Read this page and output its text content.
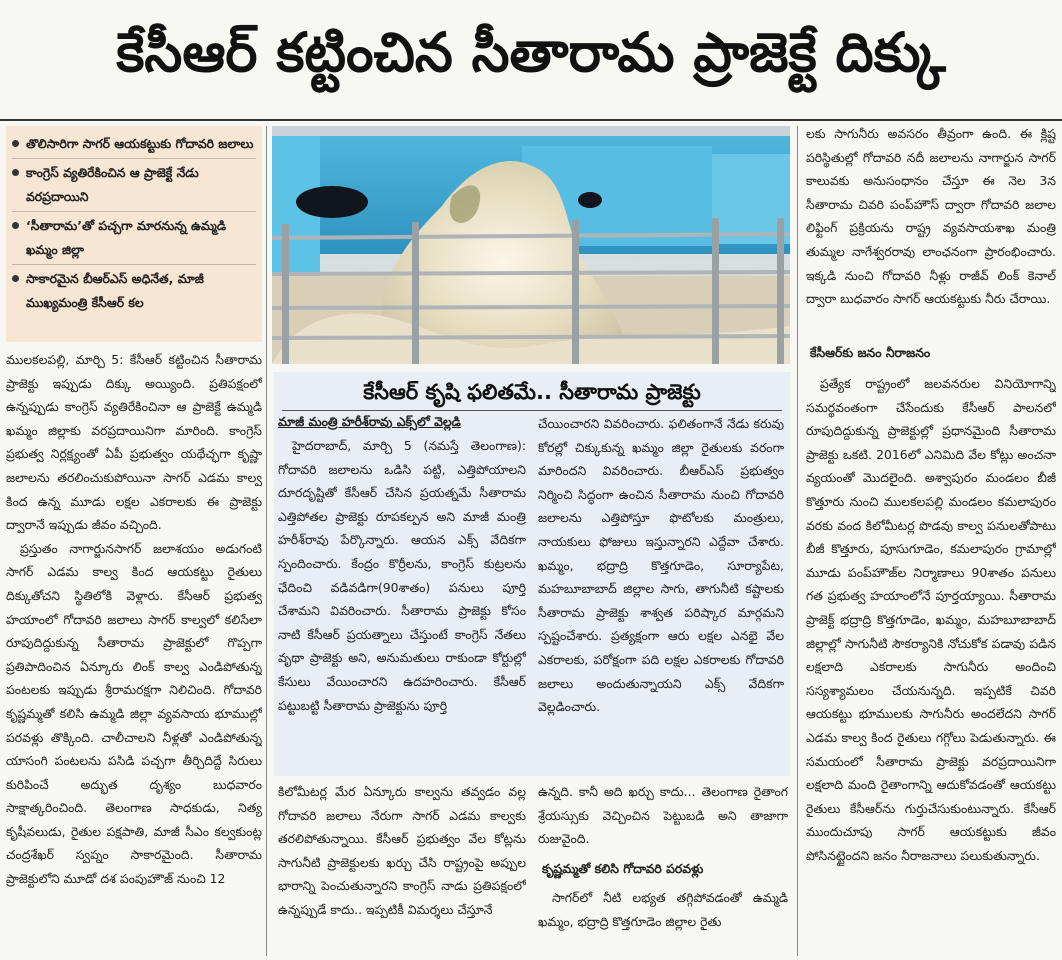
కేసీఆర్ కట్టించిన సీతారామ ప్రాజెక్టే దిక్కు
తొలిసారిగా సాగర్ ఆయకట్టుకు గోదావరి జలాలు
కాంగ్రెస్ వ్యతిరేకించిన ఆ ప్రాజెక్టే నేడు వరప్రదాయిని
‘సీతారామ’తో పచ్చగా మారనున్న ఉమ్మడి ఖమ్మం జిల్లా
సాకారమైన బీఆర్ఎస్ అధినేత, మాజీ ముఖ్యమంత్రి కేసీఆర్ కల

ములకలపల్లి, మార్చి 5: కేసీఆర్ కట్టించిన సీతారామ ప్రాజెక్టు ఇప్పుడు దిక్కు అయ్యింది. ప్రతిపక్షంలో ఉన్నప్పుడు కాంగ్రెస్ వ్యతిరేకించినా ఆ ప్రాజెక్టే ఉమ్మడి ఖమ్మం జిల్లాకు వరప్రదాయినిగా మారింది. కాంగ్రెస్ ప్రభుత్వ నిర్లక్ష్యంతో ఏపీ ప్రభుత్వం యథేచ్ఛగా కృష్ణా జలాలను తరలించుకుపోయినా సాగర్ ఎడమ కాల్వ కింద ఉన్న మూడు లక్షల ఎకరాలకు ఈ ప్రాజెక్టు ద్వారానే ఇప్పుడు జీవం వచ్చింది.

ప్రస్తుతం నాగార్జునసాగర్ జలాశయం అడుగంటి సాగర్ ఎడమ కాల్వ కింద ఆయకట్టు రైతులు దిక్కుతోచని స్థితిలోకి వెళ్లారు. కేసీఆర్ ప్రభుత్వ హయాంలో గోదావరి జలాలు సాగర్ కాల్వలో కలిసేలా రూపుదిద్దుకున్న సీతారామ ప్రాజెక్టులో గొప్పగా ప్రతిపాదించిన ఏన్కూరు లింక్ కాల్వ ఎండిపోతున్న పంటలకు ఇప్పుడు శ్రీరామరక్షగా నిలిచింది. గోదావరి కృష్ణమ్మతో కలిసి ఉమ్మడి జిల్లా వ్యవసాయ భూముల్లో పరవళ్లు తొక్కింది. చాలీచాలని నీళ్లతో ఎండిపోతున్న యాసంగి పంటలను పసిడి పచ్చగా తీర్చిదిద్దే సిరులు కురిపించే అద్భుత దృశ్యం బుధవారం సాక్షాత్కరించింది. తెలంగాణ సాధకుడు, నిత్య కృషీవలుడు, రైతుల పక్షపాతి, మాజీ సీఎం కల్వకుంట్ల చంద్రశేఖర్ స్వప్నం సాకారమైంది. సీతారామ ప్రాజెక్టులోని మూడో దశ పంపుహౌజ్ నుంచి 12

కేసీఆర్ కృషి ఫలితమే.. సీతారామ ప్రాజెక్టు
మాజీ మంత్రి హరీశ్‌రావు ఎక్స్‌లో వెల్లడి

హైదరాబాద్, మార్చి 5 (నమస్తే తెలంగాణ): గోదావరి జలాలను ఒడిసి పట్టి, ఎత్తిపోయాలని దూరదృష్టితో కేసీఆర్ చేసిన ప్రయత్నమే సీతారామ ఎత్తిపోతల ప్రాజెక్టు రూపకల్పన అని మాజీ మంత్రి హరీశ్‌రావు పేర్కొన్నారు. ఆయన ఎక్స్ వేదికగా స్పందించారు. కేంద్రం కొర్రీలను, కాంగ్రెస్ కుట్రలను ఛేదించి వడివడిగా(90శాతం) పనులు పూర్తి చేశామని వివరించారు. సీతారామ ప్రాజెక్టు కోసం నాటి కేసీఆర్ ప్రయత్నాలు చేస్తుంటే కాంగ్రెస్ నేతలు వృథా ప్రాజెక్టు అని, అనుమతులు రాకుండా కోర్టుల్లో కేసులు వేయించారని ఉదహరించారు. కేసీఆర్ పట్టుబట్టి సీతారామ ప్రాజెక్టును పూర్తి

చేయించారని వివరించారు. ఫలితంగానే నేడు కరువు కోరల్లో చిక్కుకున్న ఖమ్మం జిల్లా రైతులకు వరంగా మారిందని వివరించారు. బీఆర్ఎస్ ప్రభుత్వం నిర్మించి సిద్ధంగా ఉంచిన సీతారామ నుంచి గోదావరి జలాలను ఎత్తిపోస్తూ ఫొటోలకు మంత్రులు, నాయకులు ఫోజులు ఇస్తున్నారని ఎద్దేవా చేశారు. ఖమ్మం, భద్రాద్రి కొత్తగూడెం, సూర్యాపేట, మహబూబాబాద్ జిల్లాల సాగు, తాగునీటి కష్టాలకు సీతారామ ప్రాజెక్టు శాశ్వత పరిష్కార మార్గమని స్పష్టంచేశారు. ప్రత్యక్షంగా ఆరు లక్షల ఎనభై వేల ఎకరాలకు, పరోక్షంగా పది లక్షల ఎకరాలకు గోదావరి జలాలు అందుతున్నాయని ఎక్స్ వేదికగా వెల్లడించారు.

కిలోమీటర్ల మేర ఏన్కూరు కాల్వను తవ్వడం వల్ల గోదావరి జలాలు నేరుగా సాగర్ ఎడమ కాల్వకు తరలిపోతున్నాయి. కేసీఆర్ ప్రభుత్వం వేల కోట్లను సాగునీటి ప్రాజెక్టులకు ఖర్చు చేసి రాష్ట్రంపై అప్పుల భారాన్ని పెంచుతున్నారని కాంగ్రెస్ నాడు ప్రతిపక్షంలో ఉన్నప్పుడే కాదు.. ఇప్పటికీ విమర్శలు చేస్తూనే

ఉన్నది. కానీ అది ఖర్చు కాదు... తెలంగాణ రైతాంగ శ్రేయస్సుకు వెచ్చించిన పెట్టుబడి అని తాజాగా రుజువైంది.

కృష్ణమ్మతో కలిసి గోదావరి పరవళ్లు

సాగర్‌లో నీటి లభ్యత తగ్గిపోవడంతో ఉమ్మడి ఖమ్మం, భద్రాద్రి కొత్తగూడెం జిల్లాల రైతు

లకు సాగునీరు అవసరం తీవ్రంగా ఉంది. ఈ క్లిష్ట పరిస్థితుల్లో గోదావరి నదీ జలాలను నాగార్జున సాగర్ కాలువకు అనుసంధానం చేస్తూ ఈ నెల 3న సీతారామ చివరి పంప్‌హౌస్ ద్వారా గోదావరి జలాల లిఫ్టింగ్ ప్రక్రియను రాష్ట్ర వ్యవసాయశాఖ మంత్రి తుమ్మల నాగేశ్వరరావు లాంఛనంగా ప్రారంభించారు. ఇక్కడి నుంచి గోదావరి నీళ్లు రాజీవ్ లింక్ కెనాల్ ద్వారా బుధవారం సాగర్ ఆయకట్టుకు నీరు చేరాయి.

కేసీఆర్‌కు జనం నీరాజనం

ప్రత్యేక రాష్ట్రంలో జలవనరుల వినియోగాన్ని సమర్థవంతంగా చేసేందుకు కేసీఆర్ పాలనలో రూపుదిద్దుకున్న ప్రాజెక్టుల్లో ప్రధానమైంది సీతారామ ప్రాజెక్టు ఒకటి. 2016లో ఎనిమిది వేల కోట్లు అంచనా వ్యయంతో మొదలైంది. అశ్వాపురం మండలం బీజీ కొత్తూరు నుంచి ములకలపల్లి మండలం కమలాపురం వరకు వంద కిలోమీటర్ల పొడవు కాల్వ పనులతోపాటు బీజీ కొత్తూరు, పూసుగూడెం, కమలాపురం గ్రామాల్లో మూడు పంప్‌హౌజ్‌ల నిర్మాణాలు 90శాతం పనులు గత ప్రభుత్వ హయాంలోనే పూర్తయ్యాయి. సీతారామ ప్రాజెక్ట్ భద్రాద్రి కొత్తగూడెం, ఖమ్మం, మహబూబాబాద్ జిల్లాల్లో సాగునీటి సౌకర్యానికి నోచుకోక పడావు పడిన లక్షలాది ఎకరాలకు సాగునీరు అందించి సస్యశ్యామలం చేయనున్నది. ఇప్పటికే చివరి ఆయకట్టు భూములకు సాగునీరు అందలేదని సాగర్ ఎడమ కాల్వ కింద రైతులు గగ్గోలు పెడుతున్నారు. ఈ సమయంలో సీతారామ ప్రాజెక్టు వరప్రదాయినిగా లక్షలాది మంది రైతాంగాన్ని ఆదుకోవడంతో ఆయకట్టు రైతులు కేసీఆర్‌ను గుర్తుచేసుకుంటున్నారు. కేసీఆర్ ముందుచూపు సాగర్ ఆయకట్టుకు జీవం పోసినట్టైందని జనం నీరాజనాలు పలుకుతున్నారు.
